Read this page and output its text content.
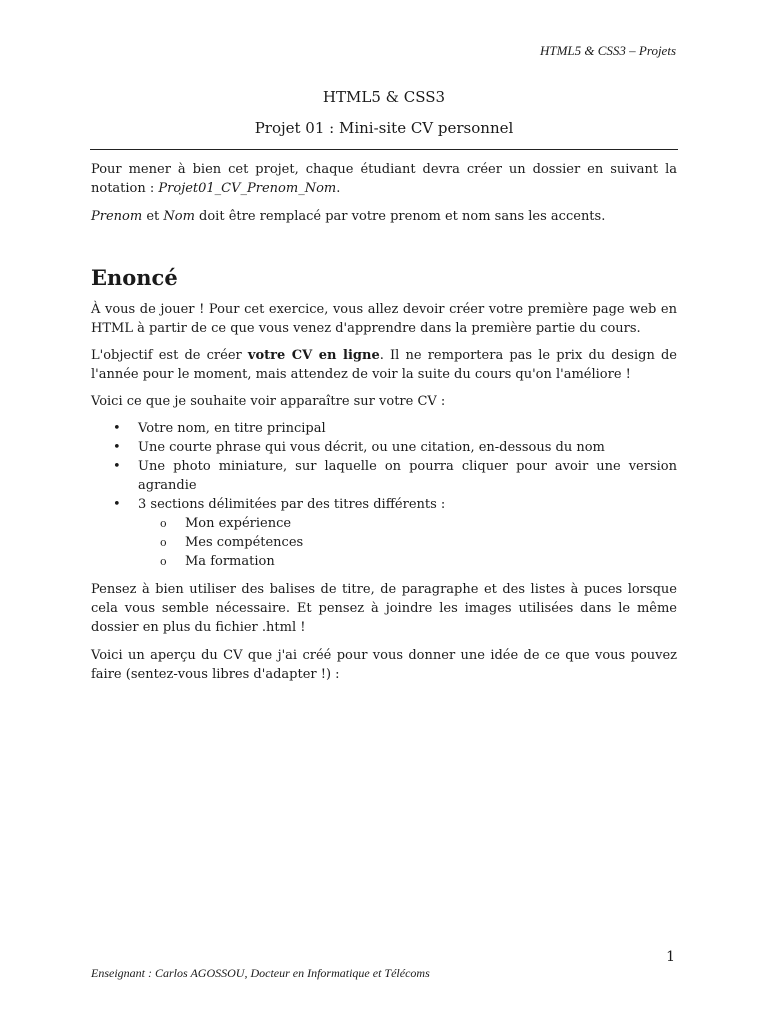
HTML5 & CSS3 – Projets
HTML5 & CSS3
Projet 01 : Mini-site CV personnel

Pour mener à bien cet projet, chaque étudiant devra créer un dossier en suivant la notation : Projet01_CV_Prenom_Nom.

Prenom et Nom doit être remplacé par votre prenom et nom sans les accents.

Enoncé

À vous de jouer ! Pour cet exercice, vous allez devoir créer votre première page web en HTML à partir de ce que vous venez d'apprendre dans la première partie du cours.

L'objectif est de créer votre CV en ligne. Il ne remportera pas le prix du design de l'année pour le moment, mais attendez de voir la suite du cours qu'on l'améliore !

Voici ce que je souhaite voir apparaître sur votre CV :

• Votre nom, en titre principal
• Une courte phrase qui vous décrit, ou une citation, en-dessous du nom
• Une photo miniature, sur laquelle on pourra cliquer pour avoir une version agrandie
• 3 sections délimitées par des titres différents :
o Mon expérience
o Mes compétences
o Ma formation

Pensez à bien utiliser des balises de titre, de paragraphe et des listes à puces lorsque cela vous semble nécessaire. Et pensez à joindre les images utilisées dans le même dossier en plus du fichier .html !

Voici un aperçu du CV que j'ai créé pour vous donner une idée de ce que vous pouvez faire (sentez-vous libres d'adapter !) :

1
Enseignant : Carlos AGOSSOU, Docteur en Informatique et Télécoms
